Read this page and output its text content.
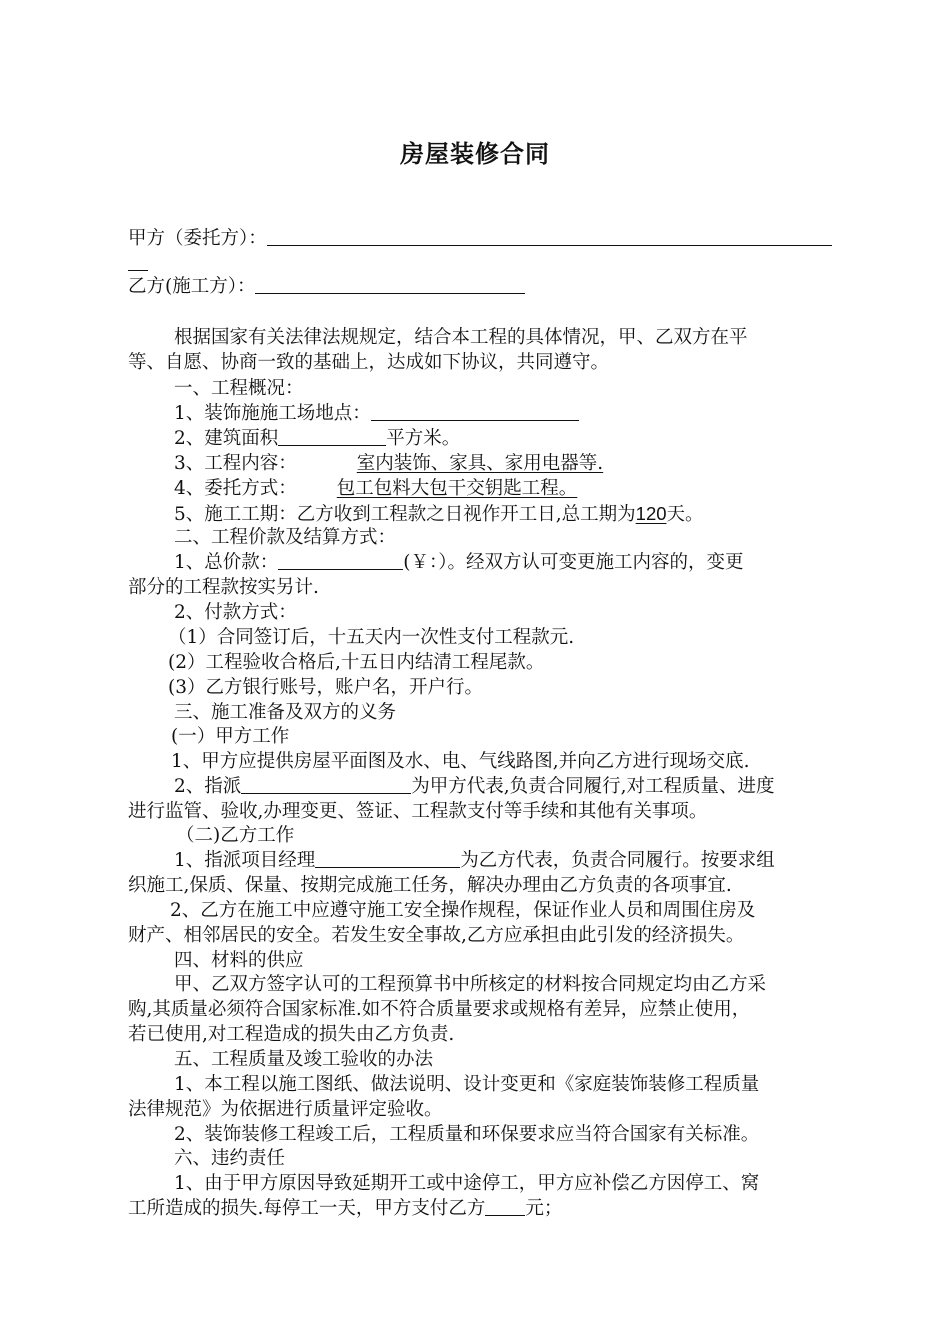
房屋装修合同
甲方（委托方）：
乙方(施工方）：
根据国家有关法律法规规定，结合本工程的具体情况，甲、乙双方在平
等、自愿、协商一致的基础上，达成如下协议，共同遵守。
一、工程概况：
1、装饰施施工场地点：
2、建筑面积	平方米。
3、工程内容：	室内装饰、家具、家用电器等.
4、委托方式： 包工包料大包干交钥匙工程。
5、施工工期：乙方收到工程款之日视作开工日,总工期为120天。
二、工程价款及结算方式：
1、总价款：	(￥：）。经双方认可变更施工内容的，变更
部分的工程款按实另计.
2、付款方式：
（1）合同签订后，十五天内一次性支付工程款元.
(2）工程验收合格后,十五日内结清工程尾款。
(3）乙方银行账号，账户名，开户行。
三、施工准备及双方的义务
(一）甲方工作
1、甲方应提供房屋平面图及水、电、气线路图,并向乙方进行现场交底.
2、指派	为甲方代表,负责合同履行,对工程质量、进度
进行监管、验收,办理变更、签证、工程款支付等手续和其他有关事项。
（二)乙方工作
1、指派项目经理	为乙方代表，负责合同履行。按要求组
织施工,保质、保量、按期完成施工任务，解决办理由乙方负责的各项事宜.
2、乙方在施工中应遵守施工安全操作规程，保证作业人员和周围住房及
财产、相邻居民的安全。若发生安全事故,乙方应承担由此引发的经济损失。
四、材料的供应
甲、乙双方签字认可的工程预算书中所核定的材料按合同规定均由乙方采
购,其质量必须符合国家标准.如不符合质量要求或规格有差异，应禁止使用，
若已使用,对工程造成的损失由乙方负责.
五、工程质量及竣工验收的办法
1、本工程以施工图纸、做法说明、设计变更和《家庭装饰装修工程质量
法律规范》为依据进行质量评定验收。
2、装饰装修工程竣工后，工程质量和环保要求应当符合国家有关标准。
六、违约责任
1、由于甲方原因导致延期开工或中途停工，甲方应补偿乙方因停工、窝
工所造成的损失.每停工一天，甲方支付乙方 元；
